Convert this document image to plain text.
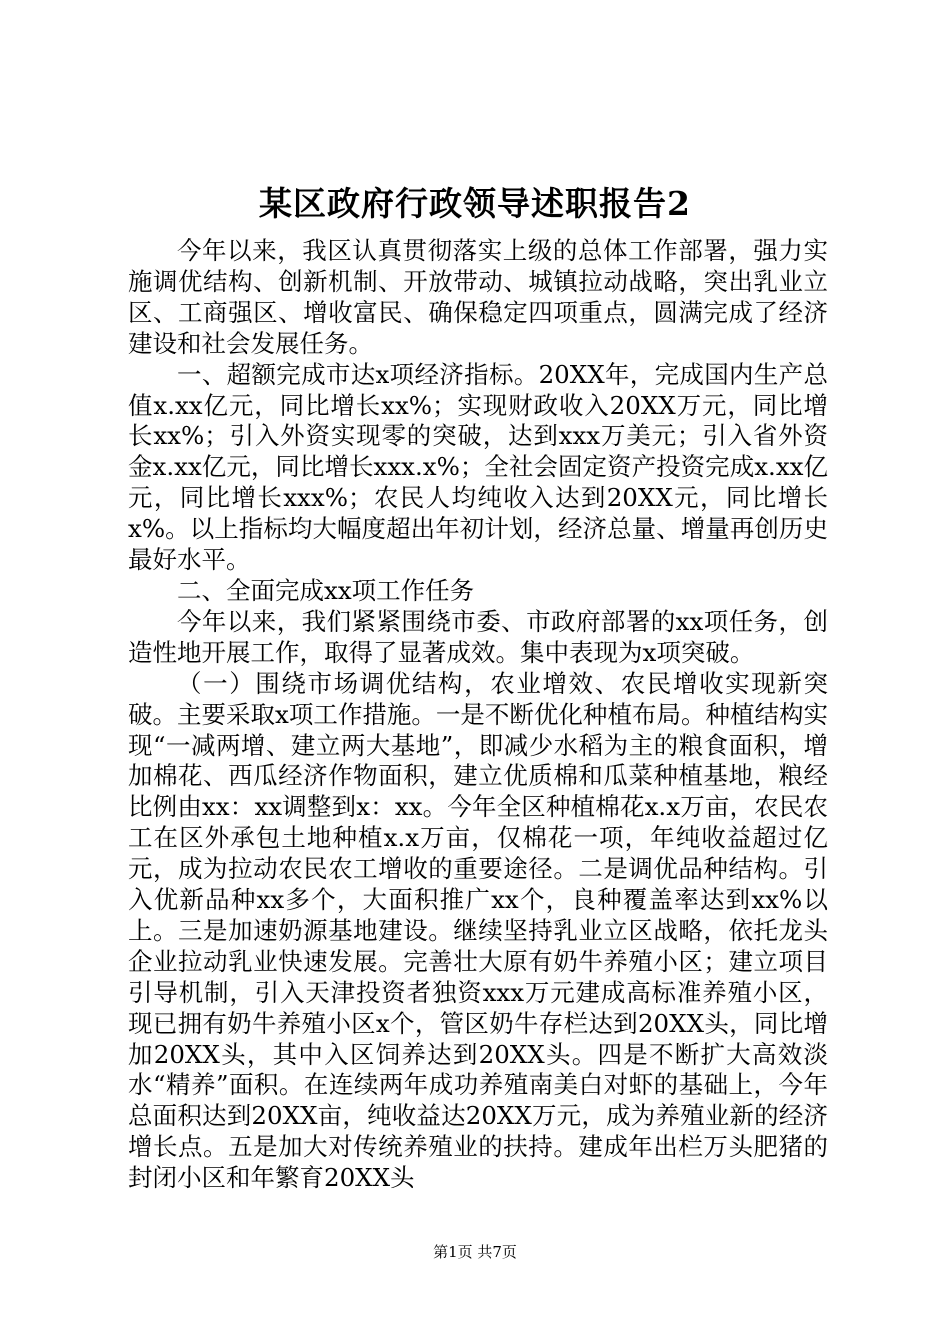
某区政府行政领导述职报告2

今年以来，我区认真贯彻落实上级的总体工作部署，强力实施调优结构、创新机制、开放带动、城镇拉动战略，突出乳业立区、工商强区、增收富民、确保稳定四项重点，圆满完成了经济建设和社会发展任务。

一、超额完成市达x项经济指标。20XX年，完成国内生产总值x.xx亿元，同比增长xx%；实现财政收入20XX万元，同比增长xx%；引入外资实现零的突破，达到xxx万美元；引入省外资金x.xx亿元，同比增长xxx.x%；全社会固定资产投资完成x.xx亿元，同比增长xxx%；农民人均纯收入达到20XX元，同比增长x%。以上指标均大幅度超出年初计划，经济总量、增量再创历史最好水平。

二、全面完成xx项工作任务

今年以来，我们紧紧围绕市委、市政府部署的xx项任务，创造性地开展工作，取得了显著成效。集中表现为x项突破。

（一）围绕市场调优结构，农业增效、农民增收实现新突破。主要采取x项工作措施。一是不断优化种植布局。种植结构实现“一减两增、建立两大基地”，即减少水稻为主的粮食面积，增加棉花、西瓜经济作物面积，建立优质棉和瓜菜种植基地，粮经比例由xx：xx调整到x：xx。今年全区种植棉花x.x万亩，农民农工在区外承包土地种植x.x万亩，仅棉花一项，年纯收益超过亿元，成为拉动农民农工增收的重要途径。二是调优品种结构。引入优新品种xx多个，大面积推广xx个，良种覆盖率达到xx%以上。三是加速奶源基地建设。继续坚持乳业立区战略，依托龙头企业拉动乳业快速发展。完善壮大原有奶牛养殖小区；建立项目引导机制，引入天津投资者独资xxx万元建成高标准养殖小区，现已拥有奶牛养殖小区x个，管区奶牛存栏达到20XX头，同比增加20XX头，其中入区饲养达到20XX头。四是不断扩大高效淡水“精养”面积。在连续两年成功养殖南美白对虾的基础上，今年总面积达到20XX亩，纯收益达20XX万元，成为养殖业新的经济增长点。五是加大对传统养殖业的扶持。建成年出栏万头肥猪的封闭小区和年繁育20XX头

第1页 共7页
